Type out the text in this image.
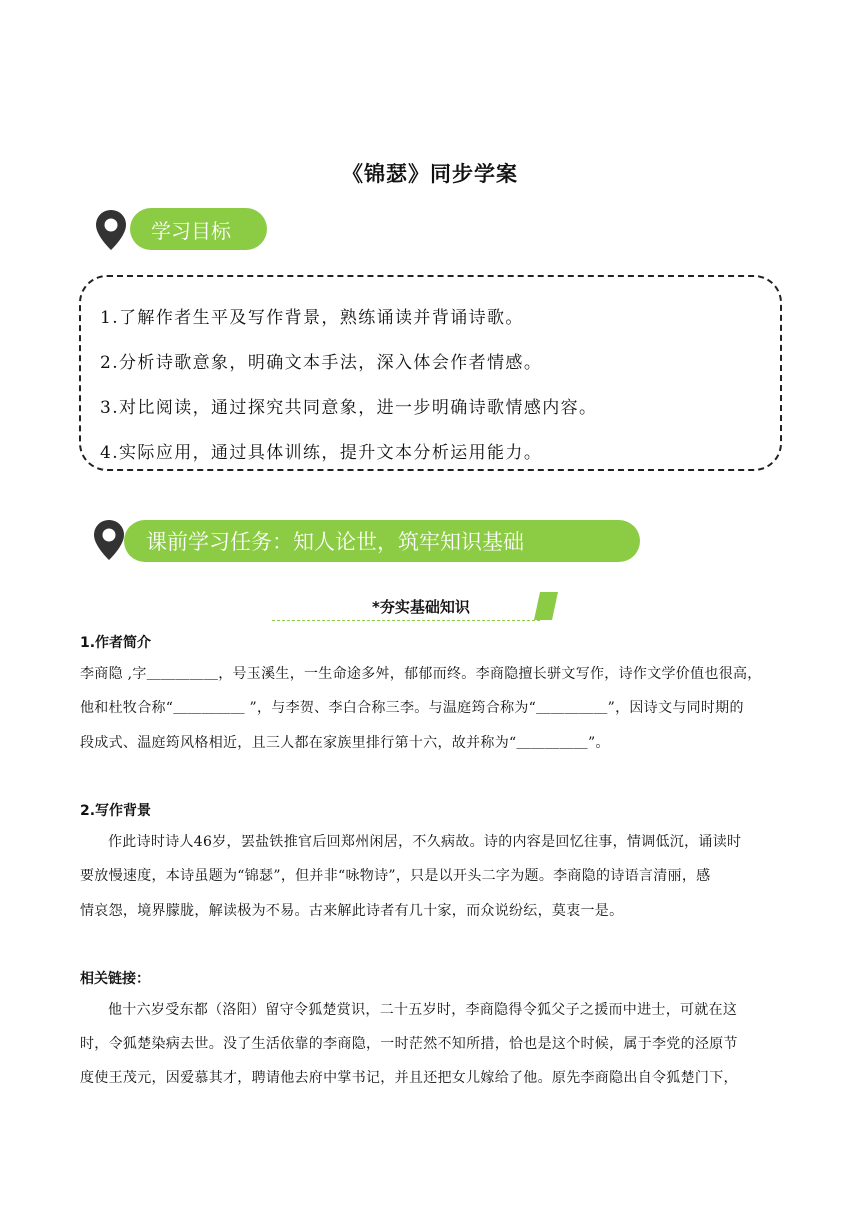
《锦瑟》同步学案
学习目标
1.了解作者生平及写作背景，熟练诵读并背诵诗歌。
2.分析诗歌意象，明确文本手法，深入体会作者情感。
3.对比阅读，通过探究共同意象，进一步明确诗歌情感内容。
4.实际应用，通过具体训练，提升文本分析运用能力。
课前学习任务：知人论世，筑牢知识基础
*夯实基础知识
1.作者简介
李商隐 ,字＿＿＿＿＿，号玉溪生，一生命途多舛，郁郁而终。李商隐擅长骈文写作，诗作文学价值也很高，
他和杜牧合称“＿＿＿＿＿ ”，与李贺、李白合称三李。与温庭筠合称为“＿＿＿＿＿”，因诗文与同时期的
段成式、温庭筠风格相近，且三人都在家族里排行第十六，故并称为“＿＿＿＿＿”。
2.写作背景
作此诗时诗人46岁，罢盐铁推官后回郑州闲居，不久病故。诗的内容是回忆往事，情调低沉，诵读时
要放慢速度，本诗虽题为“锦瑟”，但并非“咏物诗”，只是以开头二字为题。李商隐的诗语言清丽，感
情哀怨，境界朦胧，解读极为不易。古来解此诗者有几十家，而众说纷纭，莫衷一是。
相关链接：
他十六岁受东都（洛阳）留守令狐楚赏识，二十五岁时，李商隐得令狐父子之援而中进士，可就在这
时，令狐楚染病去世。没了生活依靠的李商隐，一时茫然不知所措，恰也是这个时候，属于李党的泾原节
度使王茂元，因爱慕其才，聘请他去府中掌书记，并且还把女儿嫁给了他。原先李商隐出自令狐楚门下，
